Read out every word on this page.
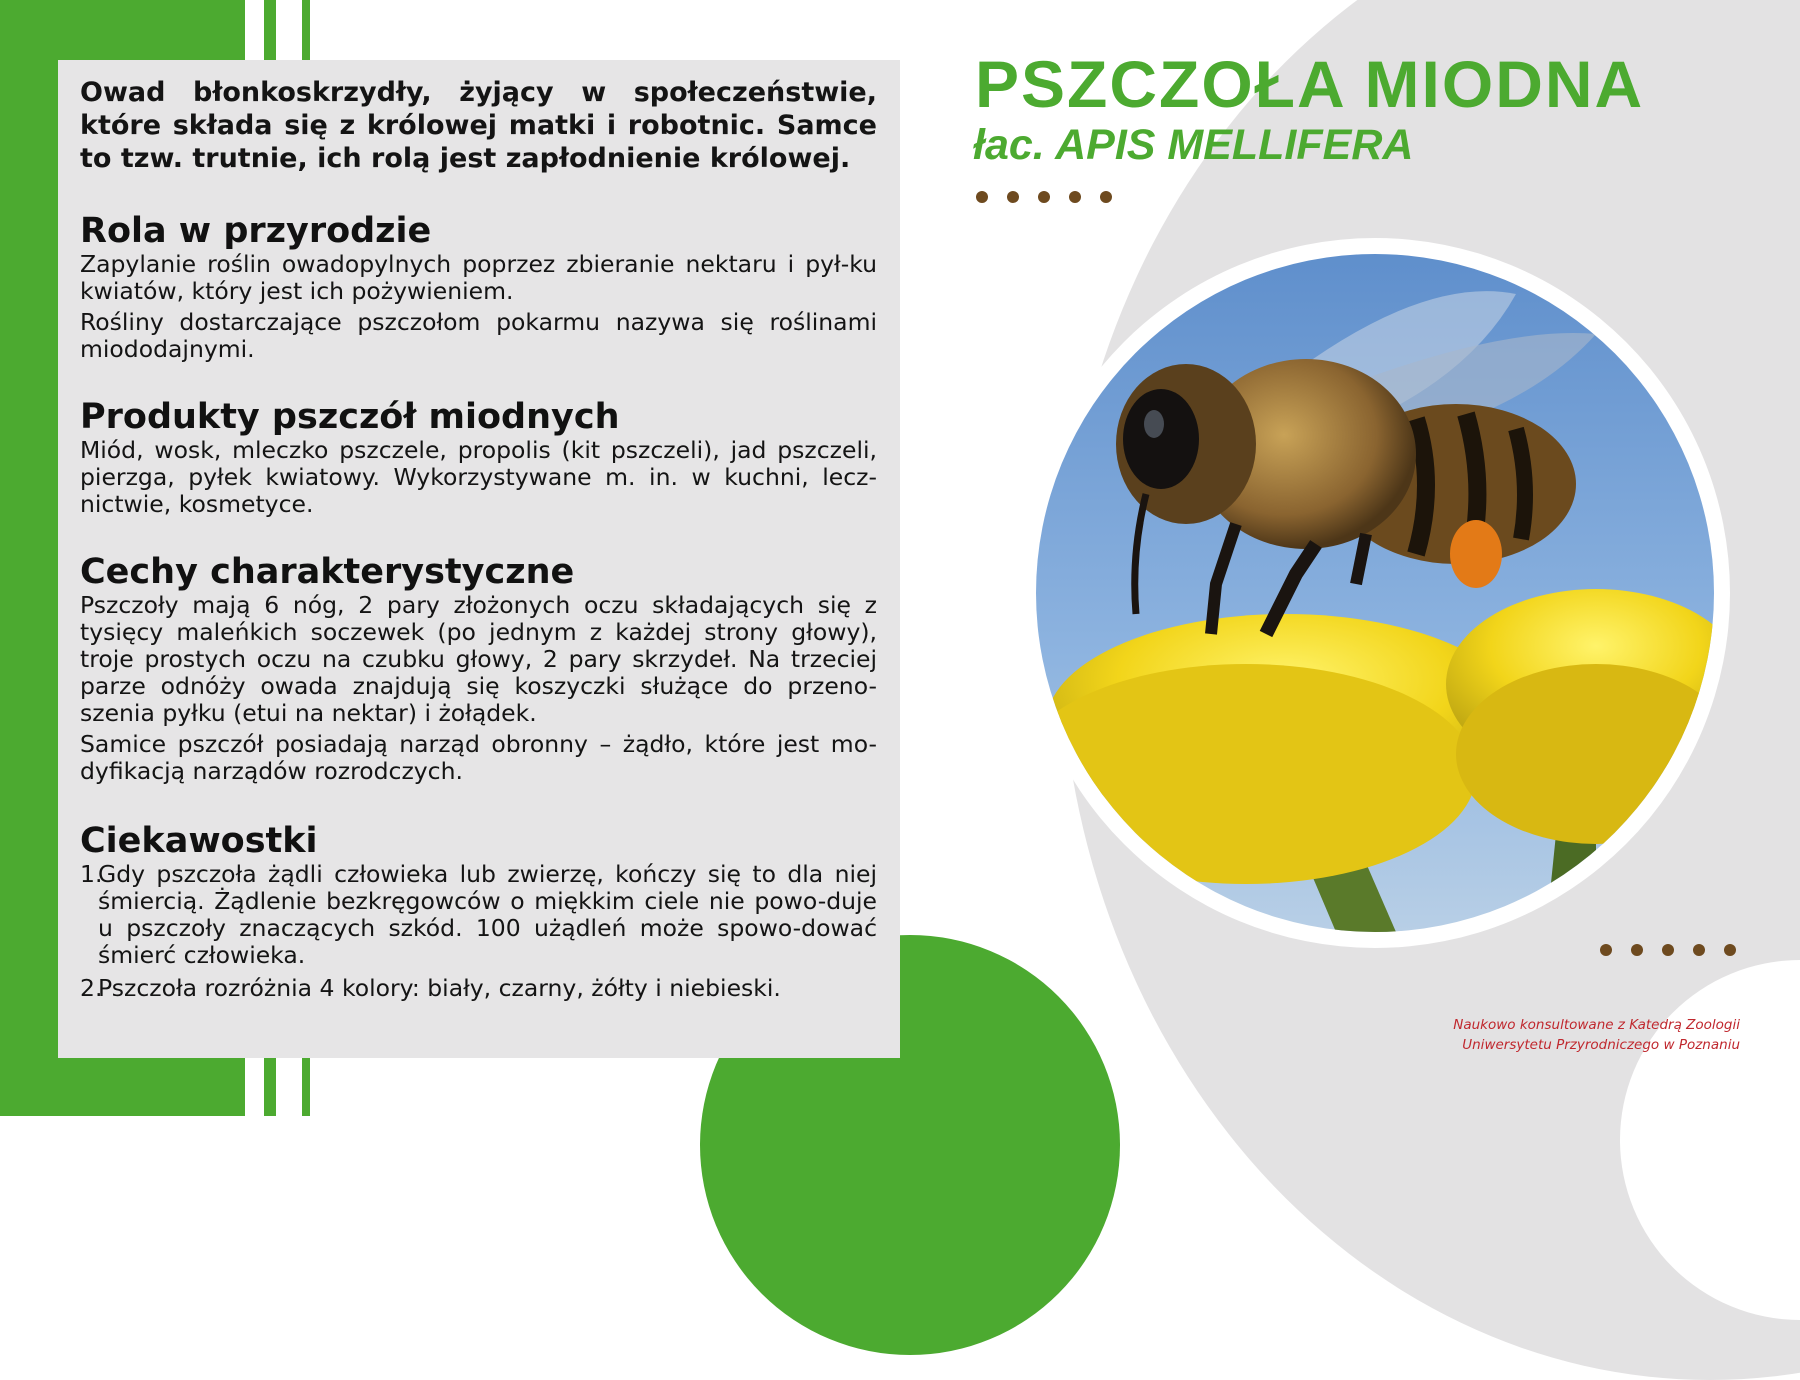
Owad błonkoskrzydły, żyjący w społeczeństwie,
które składa się z królowej matki i robotnic. Samce
to tzw. trutnie, ich rolą jest zapłodnienie królowej.

Rola w przyrodzie

Zapylanie roślin owadopylnych poprzez zbieranie nektaru i pył-ku kwiatów, który jest ich pożywieniem.

Rośliny dostarczające pszczołom pokarmu nazywa się roślinami miododajnymi.

Produkty pszczół miodnych

Miód, wosk, mleczko pszczele, propolis (kit pszczeli), jad pszczeli, pierzga, pyłek kwiatowy. Wykorzystywane m. in. w kuchni, lecz-nictwie, kosmetyce.

Cechy charakterystyczne

Pszczoły mają 6 nóg, 2 pary złożonych oczu składających się z tysięcy maleńkich soczewek (po jednym z każdej strony głowy), troje prostych oczu na czubku głowy, 2 pary skrzydeł. Na trzeciej parze odnóży owada znajdują się koszyczki służące do przeno-szenia pyłku (etui na nektar) i żołądek.

Samice pszczół posiadają narząd obronny – żądło, które jest mo-dyfikacją narządów rozrodczych.

Ciekawostki
1.
Gdy pszczoła żądli człowieka lub zwierzę, kończy się to dla niej śmiercią. Żądlenie bezkręgowców o miękkim ciele nie powo-duje u pszczoły znaczących szkód. 100 użądleń może spowo-dować śmierć człowieka.
2.
Pszczoła rozróżnia 4 kolory: biały, czarny, żółty i niebieski.
PSZCZOŁA MIODNA

łac. APIS MELLIFERA

Naukowo konsultowane z Katedrą Zoologii
Uniwersytetu Przyrodniczego w Poznaniu
